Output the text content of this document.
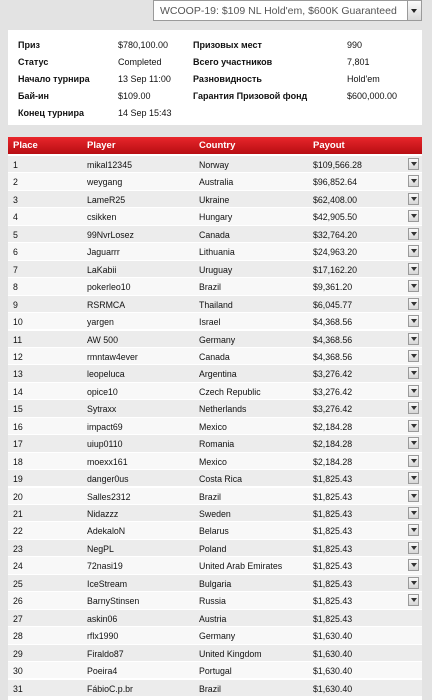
WCOOP-19: $109 NL Hold'em, $600K Guaranteed
Приз	$780,100.00
Статус	Completed
Начало турнира	13 Sep 11:00
Бай-ин	$109.00
Конец турнира	14 Sep 15:43
Призовых мест	990
Всего участников	7,801
Разновидность	Hold'em
Гарантия Призовой фонд	$600,000.00
Place	Player	Country	Payout
1	mikal12345	Norway	$109,566.28
2	weygang	Australia	$96,852.64
3	LameR25	Ukraine	$62,408.00
4	csikken	Hungary	$42,905.50
5	99NvrLosez	Canada	$32,764.20
6	Jaguarrr	Lithuania	$24,963.20
7	LaKabii	Uruguay	$17,162.20
8	pokerleo10	Brazil	$9,361.20
9	RSRMCA	Thailand	$6,045.77
10	yargen	Israel	$4,368.56
11	AW 500	Germany	$4,368.56
12	rmntaw4ever	Canada	$4,368.56
13	leopeluca	Argentina	$3,276.42
14	opice10	Czech Republic	$3,276.42
15	Sytraxx	Netherlands	$3,276.42
16	impact69	Mexico	$2,184.28
17	uiup0110	Romania	$2,184.28
18	moexx161	Mexico	$2,184.28
19	danger0us	Costa Rica	$1,825.43
20	Salles2312	Brazil	$1,825.43
21	Nidazzz	Sweden	$1,825.43
22	AdekaloN	Belarus	$1,825.43
23	NegPL	Poland	$1,825.43
24	72nasi19	United Arab Emirates	$1,825.43
25	IceStream	Bulgaria	$1,825.43
26	BarnyStinsen	Russia	$1,825.43
27	askin06	Austria	$1,825.43
28	rflx1990	Germany	$1,630.40
29	Firaldo87	United Kingdom	$1,630.40
30	Poeira4	Portugal	$1,630.40
31	FábioC.p.br	Brazil	$1,630.40
